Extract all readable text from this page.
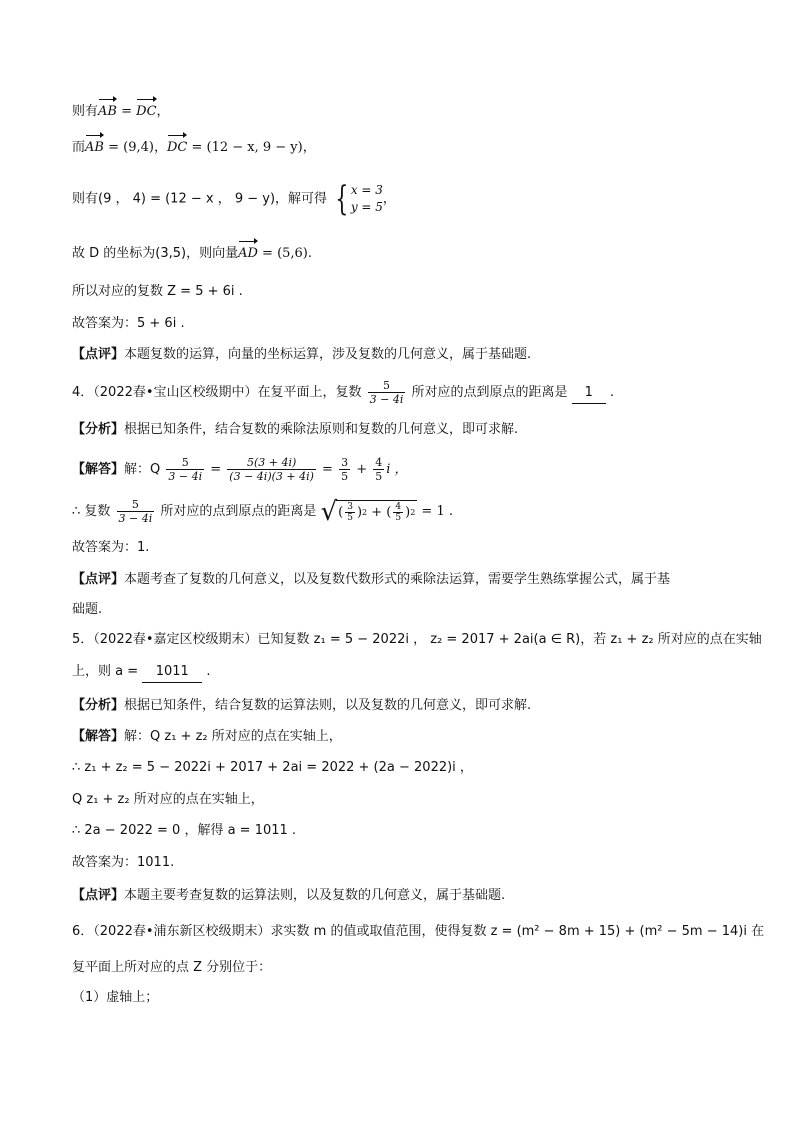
则有AB = DC，
而AB = (9,4)，DC = (12 − x, 9 − y)，
则有(9 ， 4) = (12 − x ， 9 − y)，解可得 { x = 3
y = 5
，
故 D 的坐标为(3,5)，则向量AD = (5,6).
所以对应的复数 Z = 5 + 6i .
故答案为：5 + 6i .
【点评】本题复数的运算，向量的坐标运算，涉及复数的几何意义，属于基础题.
4．（2022春•宝山区校级期中）在复平面上，复数 $\frac{5}{3 - 4i}$ 所对应的点到原点的距离是 1 .
【分析】根据已知条件，结合复数的乘除法原则和复数的几何意义，即可求解.
【解答】解：Q $\frac{5}{3 - 4i} = \frac{5(3 + 4i)}{(3 - 4i)(3 + 4i)} = \frac{3}{5} + \frac{4}{5}$ i ，
∴ 复数 $\frac{5}{3 - 4i}$ 所对应的点到原点的距离是 √ ( $\frac{3}{5}$ ) 2 + ( $\frac{4}{5}$ ) 2 = 1 .
故答案为：1.
【点评】本题考查了复数的几何意义，以及复数代数形式的乘除法运算，需要学生熟练掌握公式，属于基
础题.
5．（2022春•嘉定区校级期末）已知复数 z₁ = 5 − 2022i ， z₂ = 2017 + 2ai(a ∈ R)，若 z₁ + z₂ 所对应的点在实轴
上，则 a = 1011 .
【分析】根据已知条件，结合复数的运算法则，以及复数的几何意义，即可求解.
【解答】解：Q z₁ + z₂ 所对应的点在实轴上，
∴ z₁ + z₂ = 5 − 2022i + 2017 + 2ai = 2022 + (2a − 2022)i ，
Q z₁ + z₂ 所对应的点在实轴上，
∴ 2a − 2022 = 0 ，解得 a = 1011 .
故答案为：1011.
【点评】本题主要考查复数的运算法则，以及复数的几何意义，属于基础题.
6．（2022春•浦东新区校级期末）求实数 m 的值或取值范围，使得复数 z = (m² − 8m + 15) + (m² − 5m − 14)i 在
复平面上所对应的点 Z 分别位于：
（1）虚轴上；
